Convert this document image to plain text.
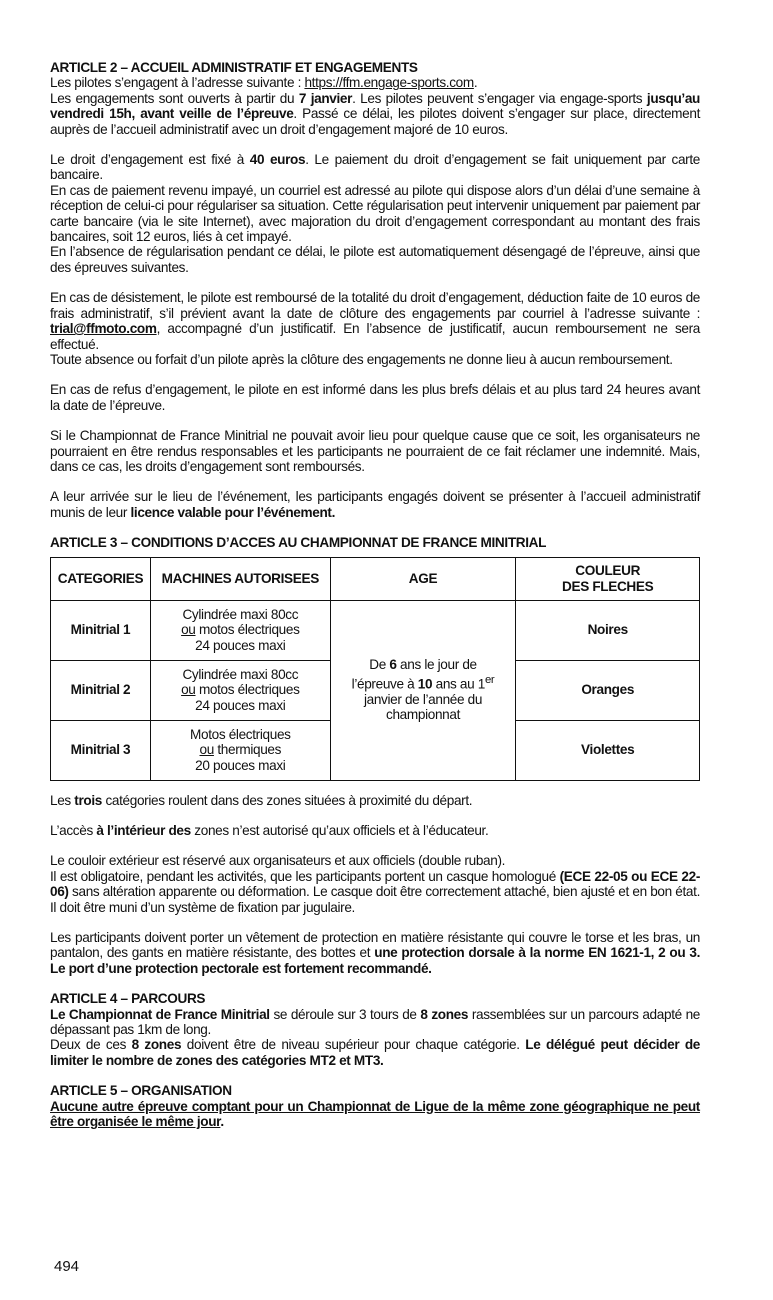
ARTICLE 2 – ACCUEIL ADMINISTRATIF ET ENGAGEMENTS

Les pilotes s’engagent à l’adresse suivante : https://ffm.engage-sports.com.

Les engagements sont ouverts à partir du 7 janvier. Les pilotes peuvent s’engager via engage-sports jusqu’au vendredi 15h, avant veille de l’épreuve. Passé ce délai, les pilotes doivent s’engager sur place, directement auprès de l’accueil administratif avec un droit d’engagement majoré de 10 euros.

Le droit d’engagement est fixé à 40 euros. Le paiement du droit d’engagement se fait uniquement par carte bancaire.

En cas de paiement revenu impayé, un courriel est adressé au pilote qui dispose alors d’un délai d’une semaine à réception de celui-ci pour régulariser sa situation. Cette régularisation peut intervenir uniquement par paiement par carte bancaire (via le site Internet), avec majoration du droit d’engagement correspondant au montant des frais bancaires, soit 12 euros, liés à cet impayé.

En l’absence de régularisation pendant ce délai, le pilote est automatiquement désengagé de l’épreuve, ainsi que des épreuves suivantes.

En cas de désistement, le pilote est remboursé de la totalité du droit d’engagement, déduction faite de 10 euros de frais administratif, s’il prévient avant la date de clôture des engagements par courriel à l’adresse suivante : trial@ffmoto.com, accompagné d’un justificatif. En l’absence de justificatif, aucun remboursement ne sera effectué.

Toute absence ou forfait d’un pilote après la clôture des engagements ne donne lieu à aucun remboursement.

En cas de refus d’engagement, le pilote en est informé dans les plus brefs délais et au plus tard 24 heures avant la date de l’épreuve.

Si le Championnat de France Minitrial ne pouvait avoir lieu pour quelque cause que ce soit, les organisateurs ne pourraient en être rendus responsables et les participants ne pourraient de ce fait réclamer une indemnité. Mais, dans ce cas, les droits d’engagement sont remboursés.

A leur arrivée sur le lieu de l’événement, les participants engagés doivent se présenter à l’accueil administratif munis de leur licence valable pour l’événement.

ARTICLE 3 – CONDITIONS D’ACCES AU CHAMPIONNAT DE FRANCE MINITRIAL

CATEGORIES	MACHINES AUTORISEES	AGE	COULEUR
DES FLECHES
Minitrial 1	Cylindrée maxi 80cc
ou motos électriques
24 pouces maxi	De 6 ans le jour de l’épreuve à 10 ans au 1er janvier de l’année du championnat	Noires
Minitrial 2	Cylindrée maxi 80cc
ou motos électriques
24 pouces maxi		Oranges
Minitrial 3	Motos électriques
ou thermiques
20 pouces maxi		Violettes

Les trois catégories roulent dans des zones situées à proximité du départ.

L’accès à l’intérieur des zones n’est autorisé qu’aux officiels et à l’éducateur.

Le couloir extérieur est réservé aux organisateurs et aux officiels (double ruban).

Il est obligatoire, pendant les activités, que les participants portent un casque homologué (ECE 22-05 ou ECE 22-06) sans altération apparente ou déformation. Le casque doit être correctement attaché, bien ajusté et en bon état. Il doit être muni d’un système de fixation par jugulaire.

Les participants doivent porter un vêtement de protection en matière résistante qui couvre le torse et les bras, un pantalon, des gants en matière résistante, des bottes et une protection dorsale à la norme EN 1621-1, 2 ou 3. Le port d’une protection pectorale est fortement recommandé.

ARTICLE 4 – PARCOURS

Le Championnat de France Minitrial se déroule sur 3 tours de 8 zones rassemblées sur un parcours adapté ne dépassant pas 1km de long.

Deux de ces 8 zones doivent être de niveau supérieur pour chaque catégorie. Le délégué peut décider de limiter le nombre de zones des catégories MT2 et MT3.

ARTICLE 5 – ORGANISATION

Aucune autre épreuve comptant pour un Championnat de Ligue de la même zone géographique ne peut être organisée le même jour.

494
